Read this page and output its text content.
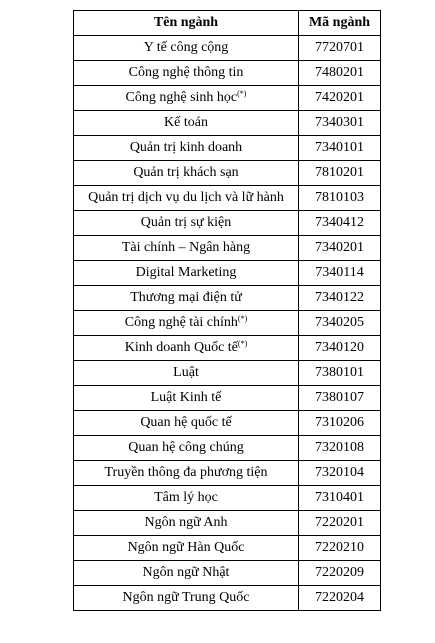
Tên ngành	Mã ngành
Y tế công cộng	7720701
Công nghệ thông tin	7480201
Công nghệ sinh học(*)	7420201
Kế toán	7340301
Quản trị kinh doanh	7340101
Quản trị khách sạn	7810201
Quản trị dịch vụ du lịch và lữ hành	7810103
Quản trị sự kiện	7340412
Tài chính – Ngân hàng	7340201
Digital Marketing	7340114
Thương mại điện tử	7340122
Công nghệ tài chính(*)	7340205
Kinh doanh Quốc tế(*)	7340120
Luật	7380101
Luật Kinh tế	7380107
Quan hệ quốc tế	7310206
Quan hệ công chúng	7320108
Truyền thông đa phương tiện	7320104
Tâm lý học	7310401
Ngôn ngữ Anh	7220201
Ngôn ngữ Hàn Quốc	7220210
Ngôn ngữ Nhật	7220209
Ngôn ngữ Trung Quốc	7220204
